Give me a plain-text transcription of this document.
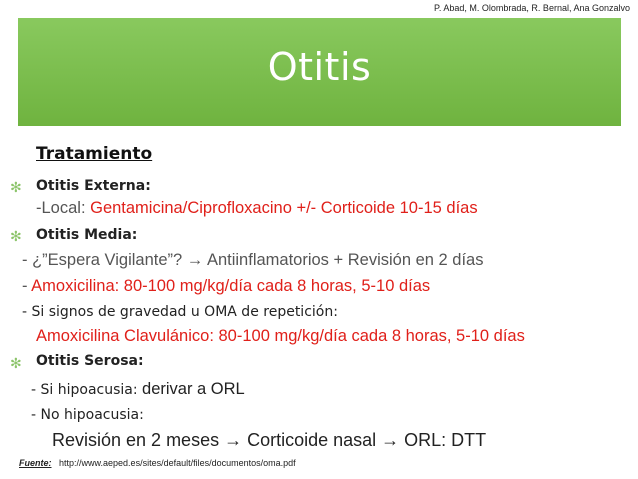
P. Abad, M. Olombrada, R. Bernal, Ana Gonzalvo
Otitis
Tratamiento
✻ Otitis Externa:
-Local: Gentamicina/Ciprofloxacino +/- Corticoide 10-15 días
✻ Otitis Media:
- ¿”Espera Vigilante”? → Antiinflamatorios + Revisión en 2 días
- Amoxicilina: 80-100 mg/kg/día cada 8 horas, 5-10 días
- Si signos de gravedad u OMA de repetición:
Amoxicilina Clavulánico: 80-100 mg/kg/día cada 8 horas, 5-10 días
✻ Otitis Serosa:
- Si hipoacusia: derivar a ORL
- No hipoacusia:
Revisión en 2 meses → Corticoide nasal → ORL: DTT
Fuente: http://www.aeped.es/sites/default/files/documentos/oma.pdf
